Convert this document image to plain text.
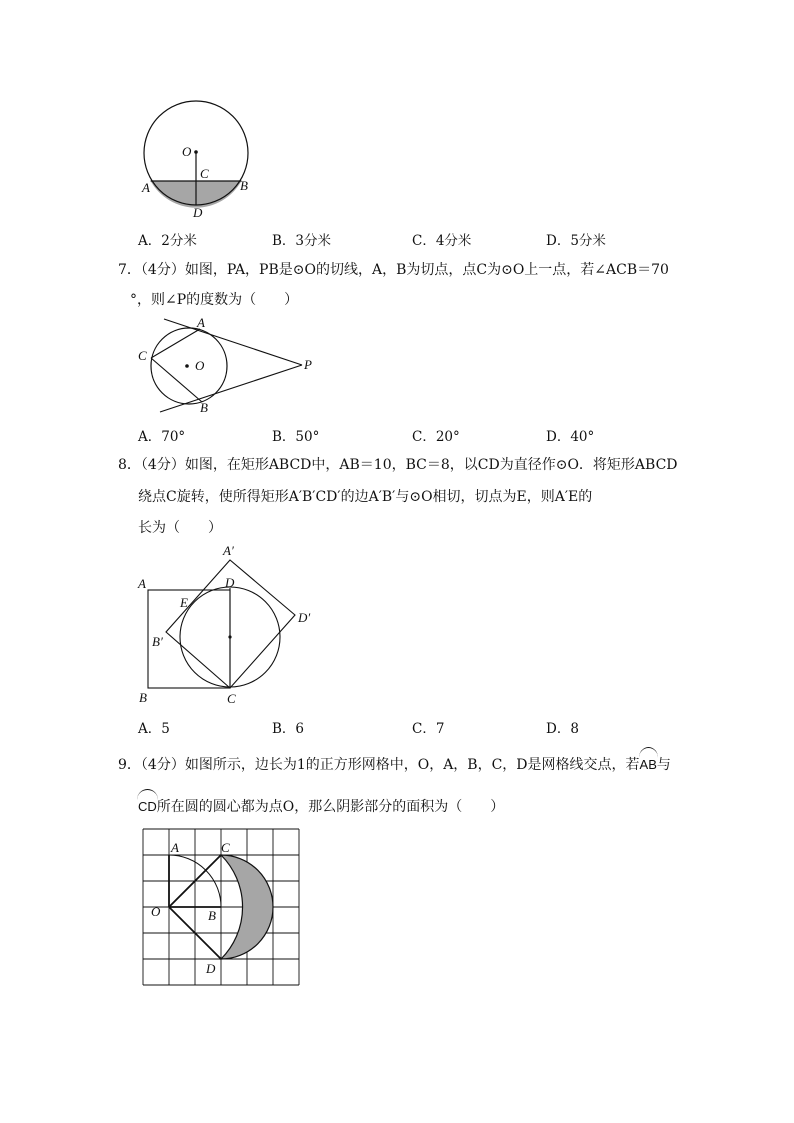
O
C
A	B
D
A．2分米	B．3分米	C．4分米	D．5分米
7．（4分）如图，PA，PB是⊙O的切线，A，B为切点，点C为⊙O上一点，若∠ACB＝70
°，则∠P的度数为（　　）
A
C
O	P
B
A．70°	B．50°	C．20°	D．40°
8．（4分）如图，在矩形ABCD中，AB＝10，BC＝8，以CD为直径作⊙O．将矩形ABCD
绕点C旋转，使所得矩形A′B′CD′的边A′B′与⊙O相切，切点为E，则A′E的
长为（　　）
A′
A	D
E
D′
B′
B	C
A．5	B．6	C．7	D．8
9．（4分）如图所示，边长为1的正方形网格中，O，A，B，C，D是网格线交点，若AB与
CD所在圆的圆心都为点O，那么阴影部分的面积为（　　）
A	C
O	B
D
